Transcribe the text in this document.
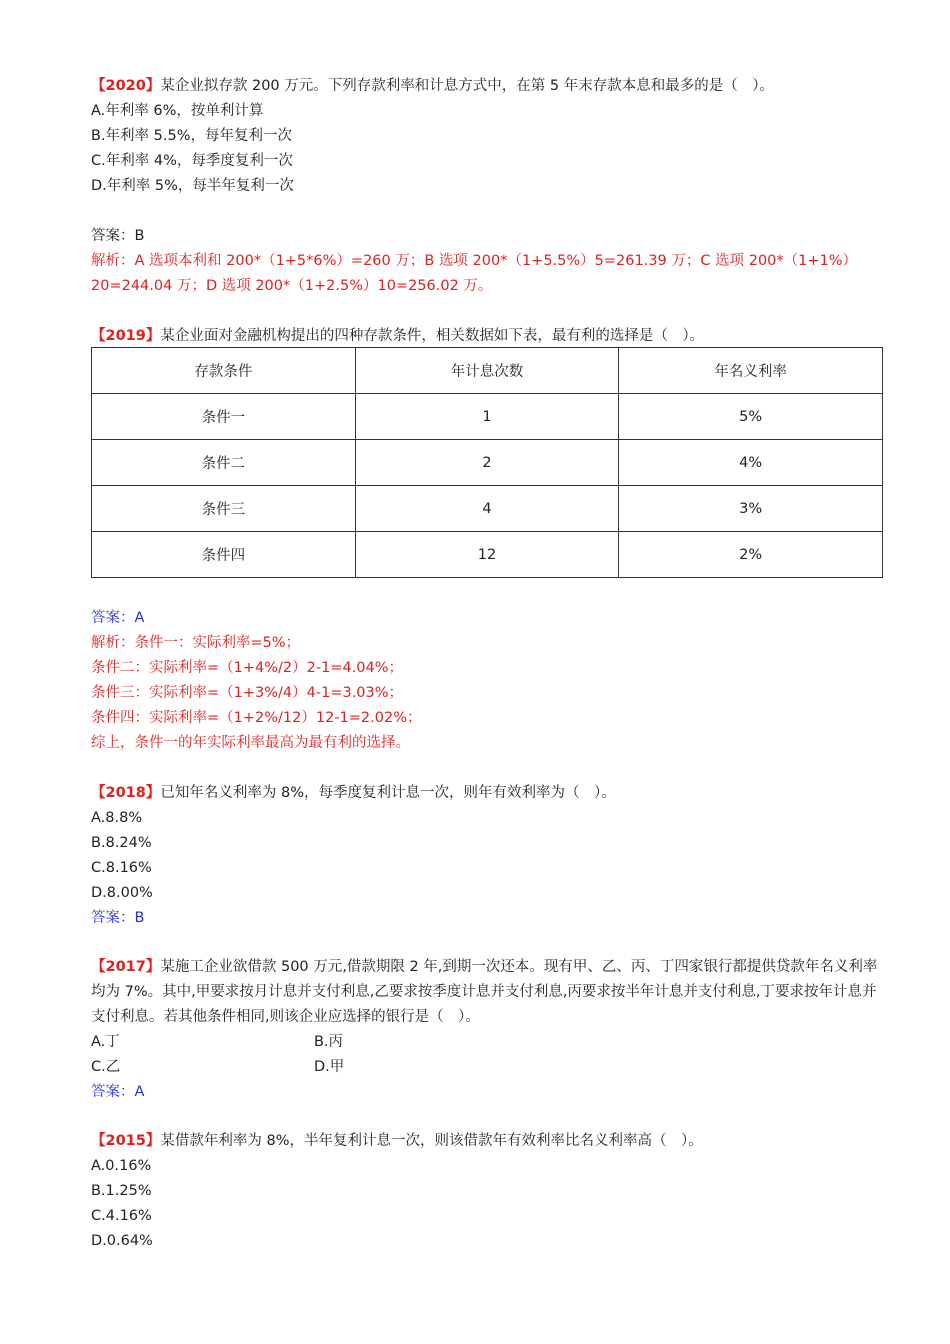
【2020】某企业拟存款 200 万元。下列存款利率和计息方式中，在第 5 年末存款本息和最多的是（　）。
A.年利率 6%，按单利计算
B.年利率 5.5%，每年复利一次
C.年利率 4%，每季度复利一次
D.年利率 5%，每半年复利一次
答案：B
解析：A 选项本利和 200*（1+5*6%）=260 万；B 选项 200*（1+5.5%）5=261.39 万；C 选项 200*（1+1%）
20=244.04 万；D 选项 200*（1+2.5%）10=256.02 万。
【2019】某企业面对金融机构提出的四种存款条件，相关数据如下表，最有利的选择是（　）。
存款条件	年计息次数	年名义利率
条件一	1	5%
条件二	2	4%
条件三	4	3%
条件四	12	2%
答案：A
解析：条件一：实际利率=5%；
条件二：实际利率=（1+4%/2）2-1=4.04%；
条件三：实际利率=（1+3%/4）4-1=3.03%；
条件四：实际利率=（1+2%/12）12-1=2.02%；
综上，条件一的年实际利率最高为最有利的选择。
【2018】已知年名义利率为 8%，每季度复利计息一次，则年有效利率为（　）。
A.8.8%
B.8.24%
C.8.16%
D.8.00%
答案：B
【2017】某施工企业欲借款 500 万元,借款期限 2 年,到期一次还本。现有甲、乙、丙、丁四家银行都提供贷款年名义利率均为 7%。其中,甲要求按月计息并支付利息,乙要求按季度计息并支付利息,丙要求按半年计息并支付利息,丁要求按年计息并支付利息。若其他条件相同,则该企业应选择的银行是（　）。
A.丁	B.丙
C.乙	D.甲
答案：A
【2015】某借款年利率为 8%，半年复利计息一次，则该借款年有效利率比名义利率高（　）。
A.0.16%
B.1.25%
C.4.16%
D.0.64%
